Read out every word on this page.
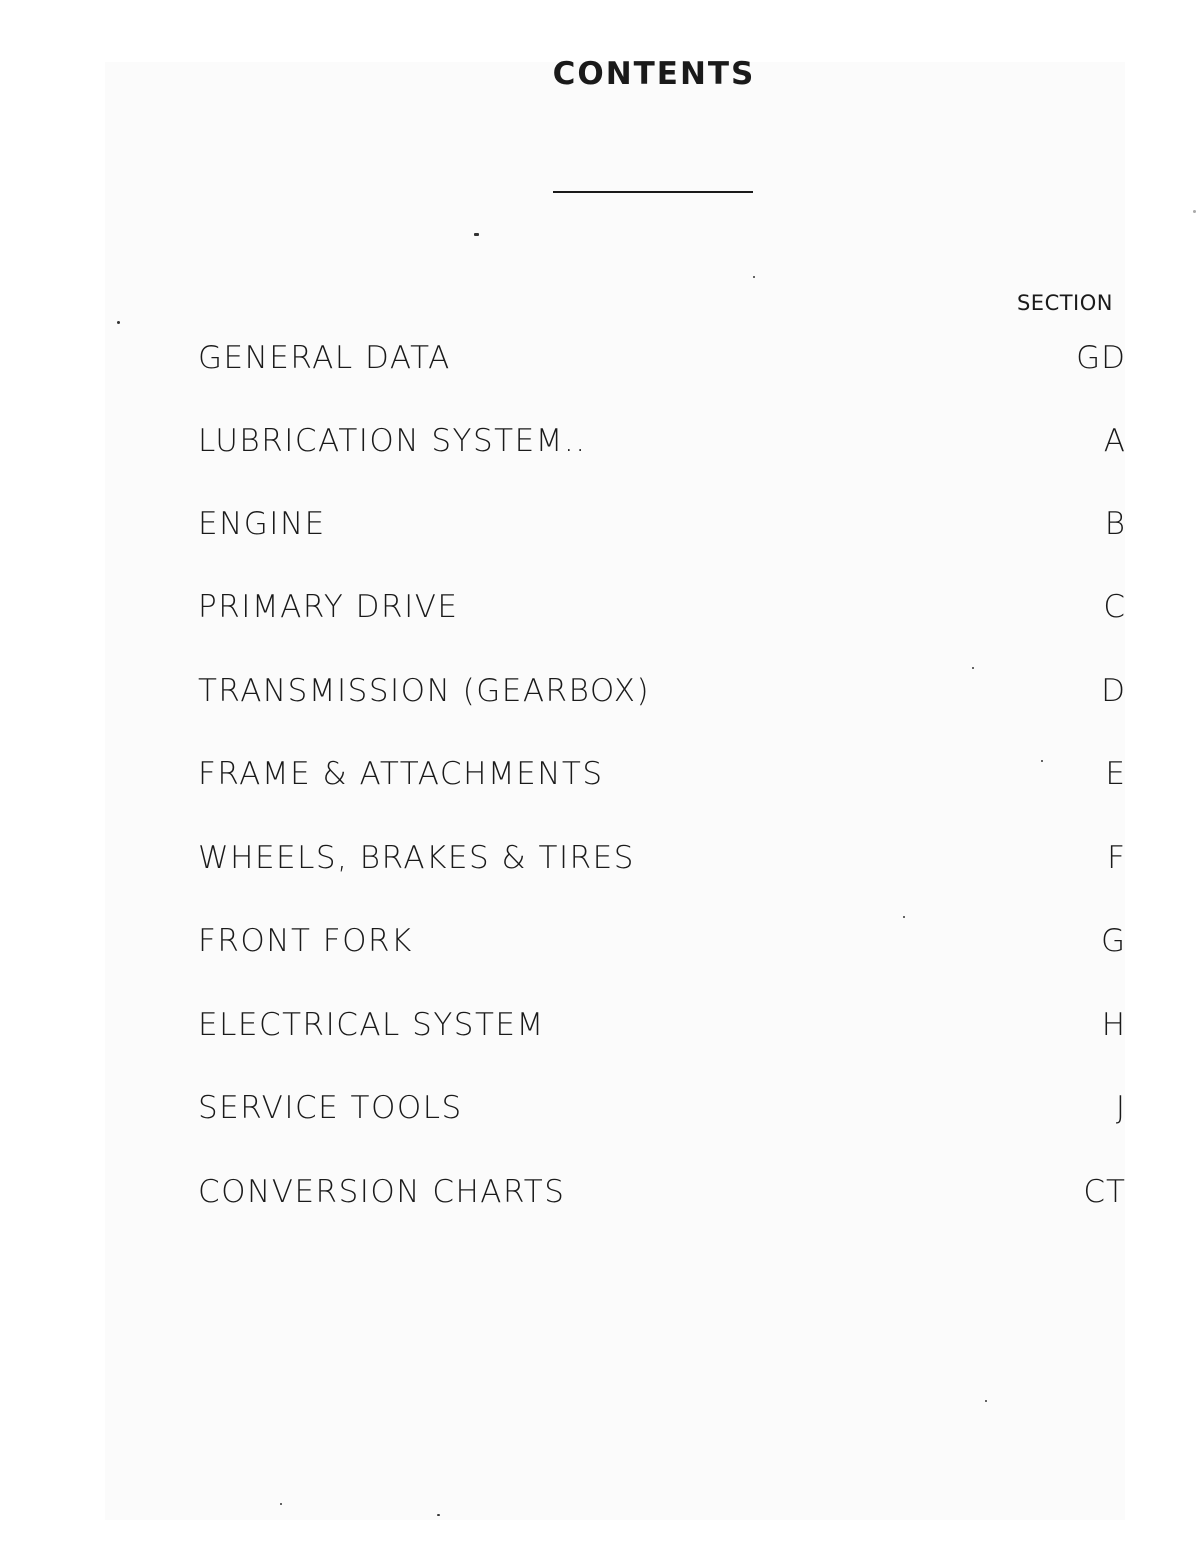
CONTENTS
SECTION
GENERAL DATA	GD
LUBRICATION SYSTEM..	A
ENGINE	B
PRIMARY DRIVE	C
TRANSMISSION (GEARBOX)	D
FRAME & ATTACHMENTS	E
WHEELS, BRAKES & TIRES	F
FRONT FORK	G
ELECTRICAL SYSTEM	H
SERVICE TOOLS	J
CONVERSION CHARTS	CT
